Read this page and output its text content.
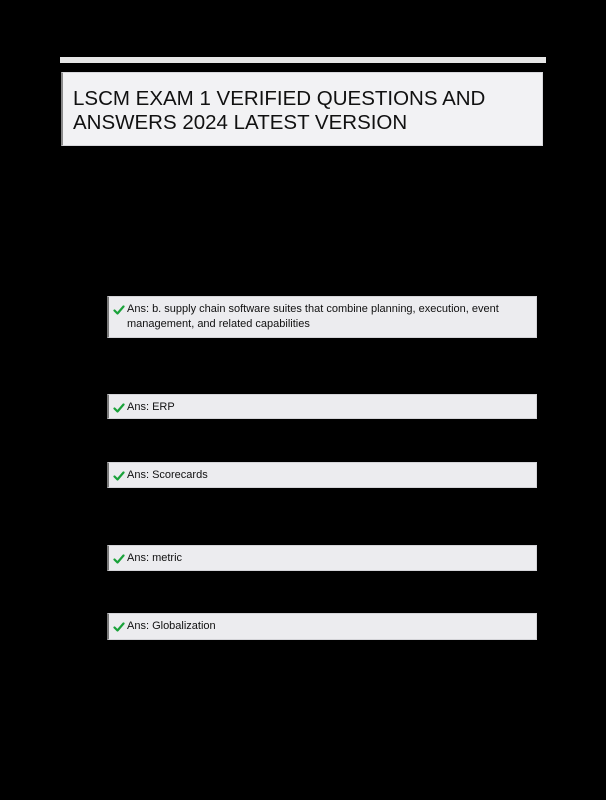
LSCM EXAM 1 VERIFIED QUESTIONS AND ANSWERS 2024 LATEST VERSION
Ans: b. supply chain software suites that combine planning, execution, event management, and related capabilities
Ans: ERP
Ans: Scorecards
Ans: metric
Ans: Globalization
